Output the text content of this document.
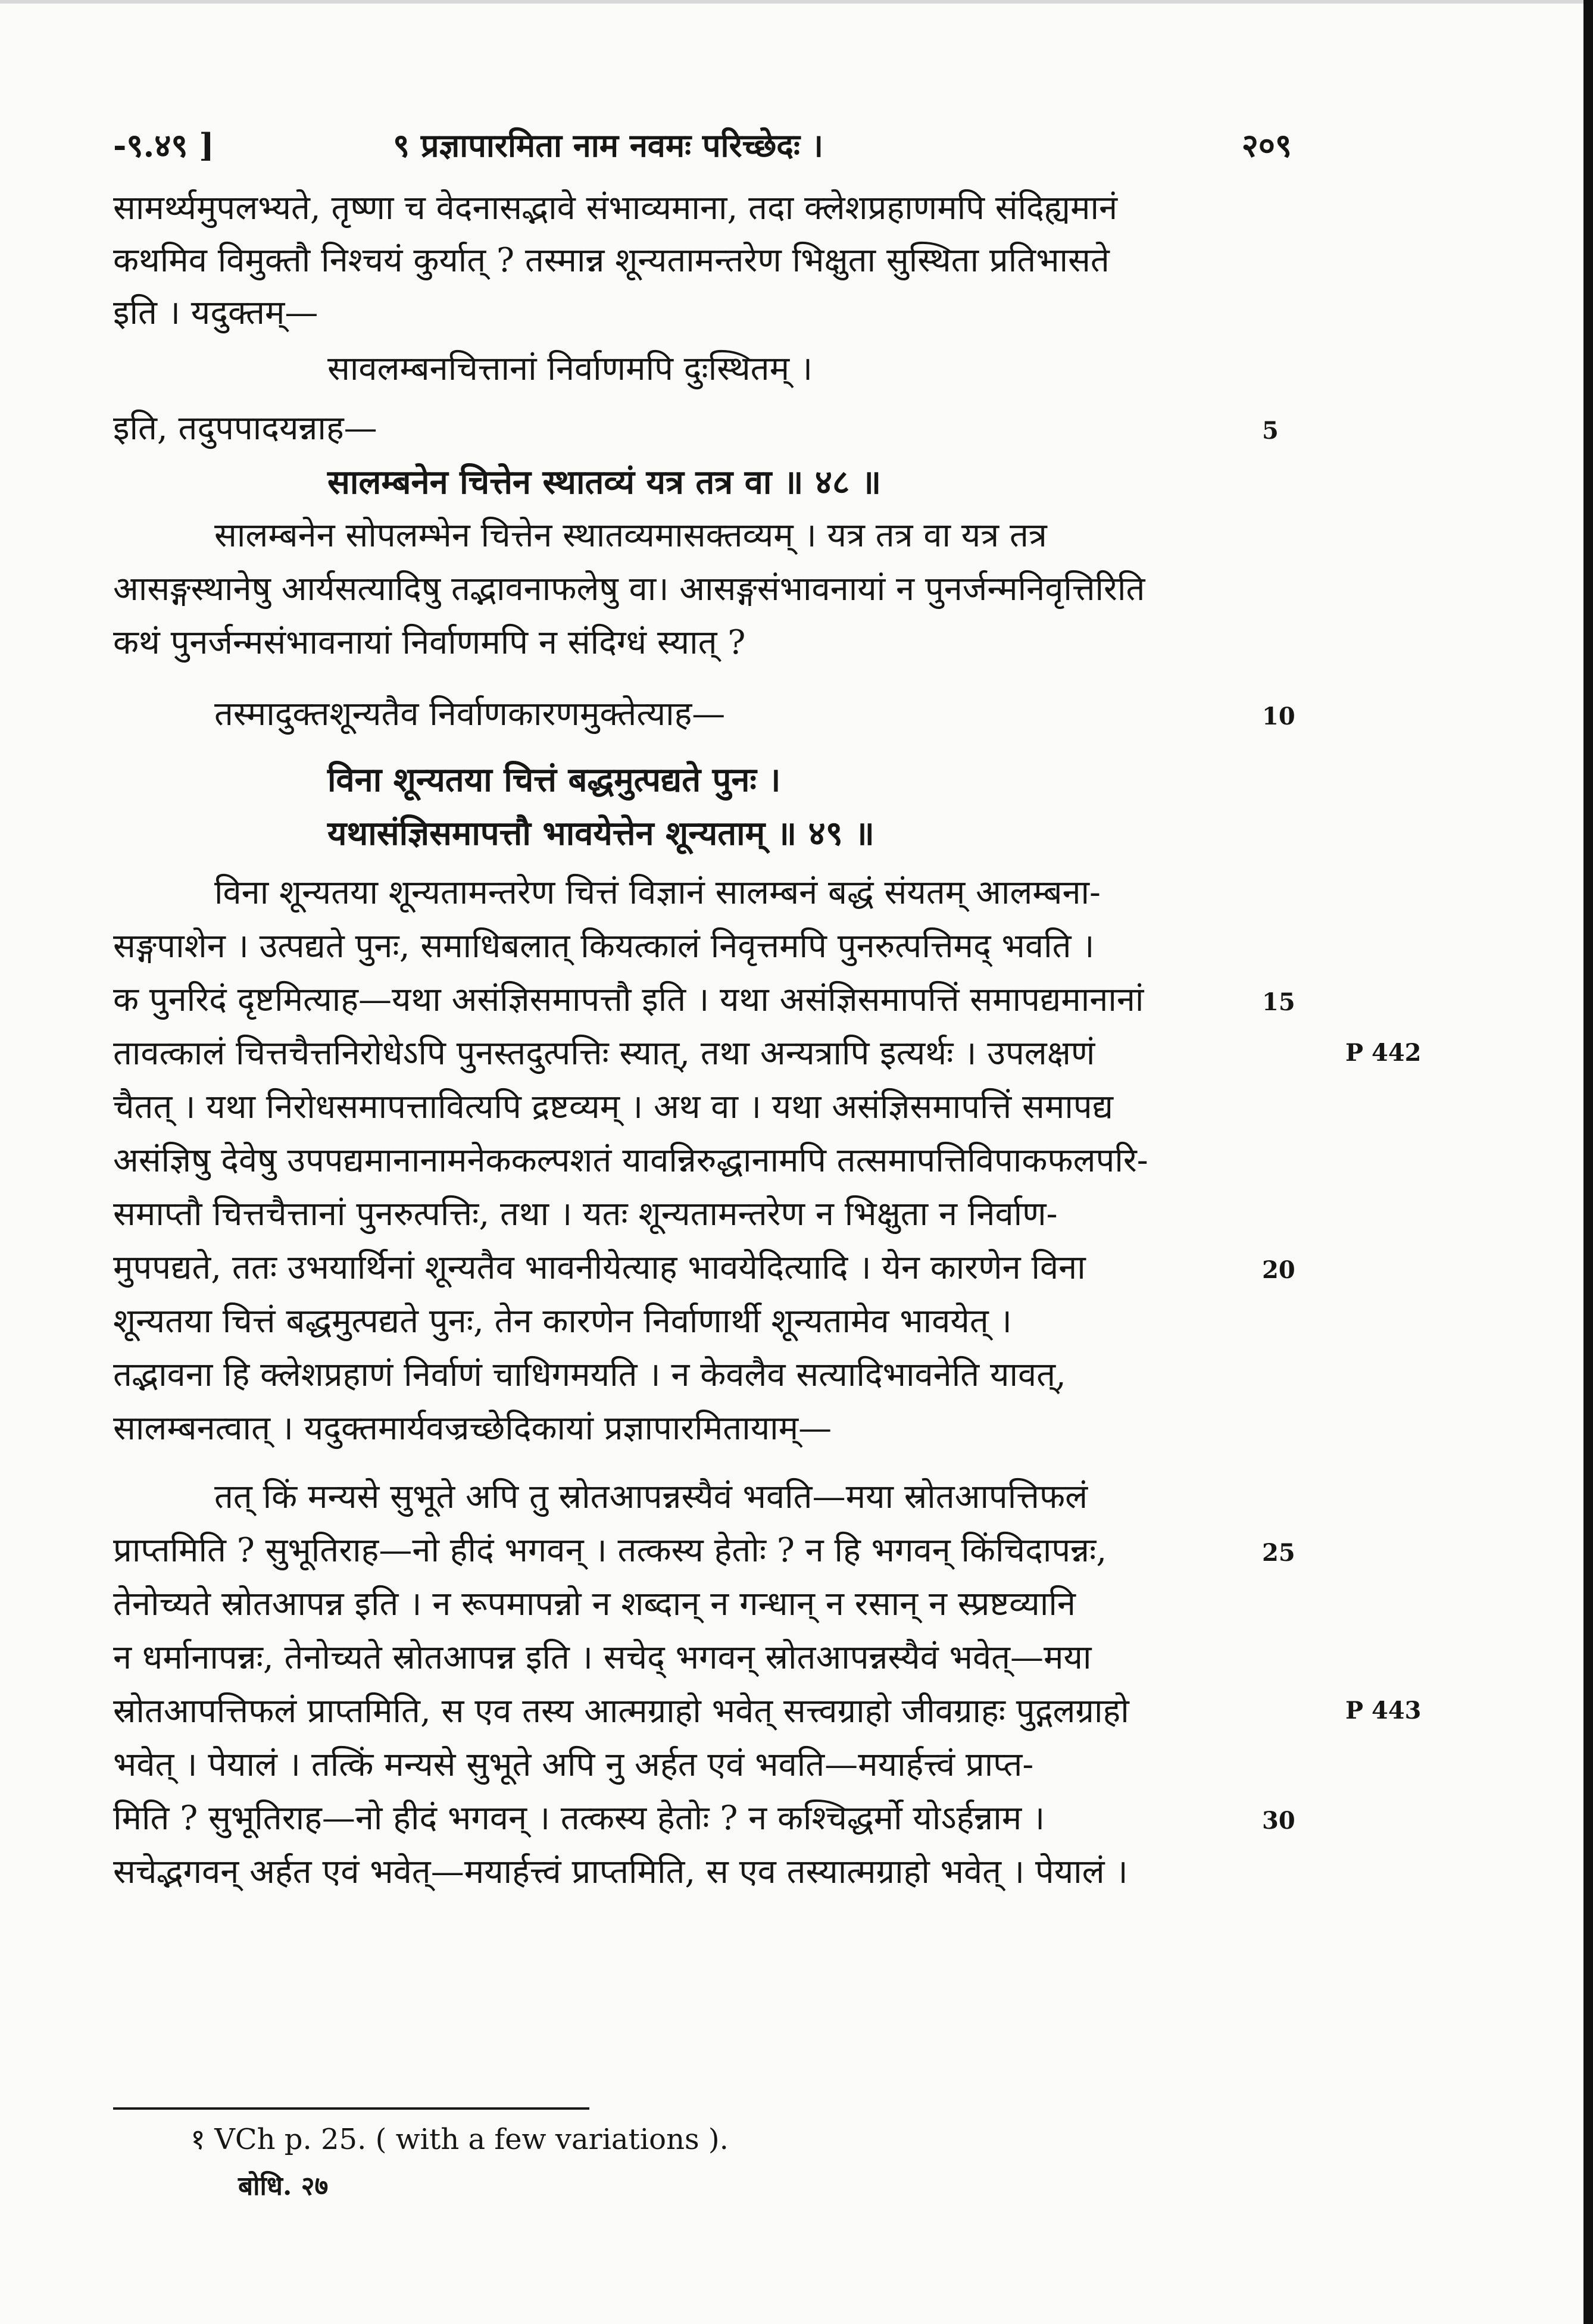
-९.४९ ]	९ प्रज्ञापारमिता नाम नवमः परिच्छेदः ।	२०९
सामर्थ्यमुपलभ्यते, तृष्णा च वेदनासद्भावे संभाव्यमाना, तदा क्लेशप्रहाणमपि संदिह्यमानं
कथमिव विमुक्तौ निश्चयं कुर्यात् ? तस्मान्न शून्यतामन्तरेण भिक्षुता सुस्थिता प्रतिभासते
इति । यदुक्तम्—
सावलम्बनचित्तानां निर्वाणमपि दुःस्थितम् ।
इति, तदुपपादयन्नाह—
सालम्बनेन चित्तेन स्थातव्यं यत्र तत्र वा ॥ ४८ ॥
सालम्बनेन सोपलम्भेन चित्तेन स्थातव्यमासक्तव्यम् । यत्र तत्र वा यत्र तत्र
आसङ्गस्थानेषु आर्यसत्यादिषु तद्भावनाफलेषु वा। आसङ्गसंभावनायां न पुनर्जन्मनिवृत्तिरिति
कथं पुनर्जन्मसंभावनायां निर्वाणमपि न संदिग्धं स्यात् ?
तस्मादुक्तशून्यतैव निर्वाणकारणमुक्तेत्याह—
विना शून्यतया चित्तं बद्धमुत्पद्यते पुनः ।
यथासंज्ञिसमापत्तौ भावयेत्तेन शून्यताम् ॥ ४९ ॥
विना शून्यतया शून्यतामन्तरेण चित्तं विज्ञानं सालम्बनं बद्धं संयतम् आलम्बना-
सङ्गपाशेन । उत्पद्यते पुनः, समाधिबलात् कियत्कालं निवृत्तमपि पुनरुत्पत्तिमद् भवति ।
क पुनरिदं दृष्टमित्याह—यथा असंज्ञिसमापत्तौ इति । यथा असंज्ञिसमापत्तिं समापद्यमानानां
तावत्कालं चित्तचैत्तनिरोधेऽपि पुनस्तदुत्पत्तिः स्यात्, तथा अन्यत्रापि इत्यर्थः । उपलक्षणं
चैतत् । यथा निरोधसमापत्तावित्यपि द्रष्टव्यम् । अथ वा । यथा असंज्ञिसमापत्तिं समापद्य
असंज्ञिषु देवेषु उपपद्यमानानामनेककल्पशतं यावन्निरुद्धानामपि तत्समापत्तिविपाकफलपरि-
समाप्तौ चित्तचैत्तानां पुनरुत्पत्तिः, तथा । यतः शून्यतामन्तरेण न भिक्षुता न निर्वाण-
मुपपद्यते, ततः उभयार्थिनां शून्यतैव भावनीयेत्याह भावयेदित्यादि । येन कारणेन विना
शून्यतया चित्तं बद्धमुत्पद्यते पुनः, तेन कारणेन निर्वाणार्थी शून्यतामेव भावयेत् ।
तद्भावना हि क्लेशप्रहाणं निर्वाणं चाधिगमयति । न केवलैव सत्यादिभावनेति यावत्,
सालम्बनत्वात् । यदुक्तमार्यवज्रच्छेदिकायां प्रज्ञापारमितायाम्—
तत् किं मन्यसे सुभूते अपि तु स्रोतआपन्नस्यैवं भवति—मया स्रोतआपत्तिफलं
प्राप्तमिति ? सुभूतिराह—नो हीदं भगवन् । तत्कस्य हेतोः ? न हि भगवन् किंचिदापन्नः,
तेनोच्यते स्रोतआपन्न इति । न रूपमापन्नो न शब्दान् न गन्धान् न रसान् न स्प्रष्टव्यानि
न धर्मानापन्नः, तेनोच्यते स्रोतआपन्न इति । सचेद् भगवन् स्रोतआपन्नस्यैवं भवेत्—मया
स्रोतआपत्तिफलं प्राप्तमिति, स एव तस्य आत्मग्राहो भवेत् सत्त्वग्राहो जीवग्राहः पुद्गलग्राहो
भवेत् । पेयालं । तत्किं मन्यसे सुभूते अपि नु अर्हत एवं भवति—मयार्हत्त्वं प्राप्त-
मिति ? सुभूतिराह—नो हीदं भगवन् । तत्कस्य हेतोः ? न कश्चिद्धर्मो योऽर्हन्नाम ।
सचेद्भगवन् अर्हत एवं भवेत्—मयार्हत्त्वं प्राप्तमिति, स एव तस्यात्मग्राहो भवेत् । पेयालं ।
5
10
15
20
25
30
P 442
P 443
१ VCh p. 25. ( with a few variations ).
बोधि. २७
